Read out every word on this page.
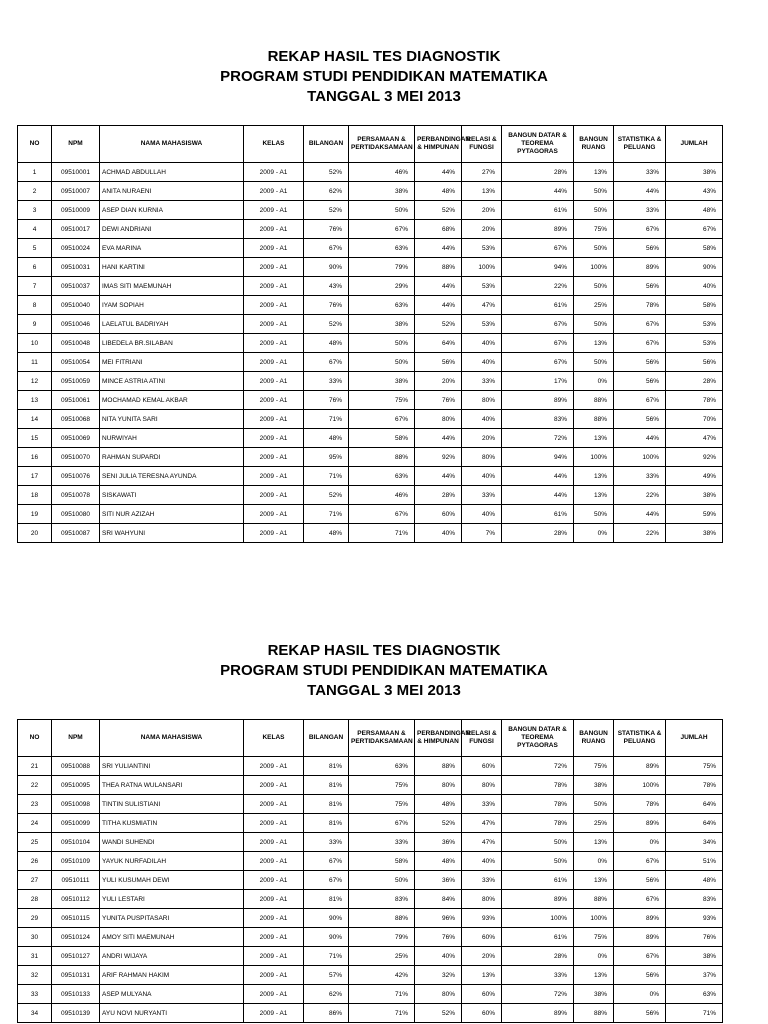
REKAP HASIL TES DIAGNOSTIK
PROGRAM STUDI PENDIDIKAN MATEMATIKA
TANGGAL 3 MEI 2013
NO	NPM	NAMA MAHASISWA	KELAS	BILANGAN	PERSAMAAN & PERTIDAKSAMAAN	PERBANDINGAN & HIMPUNAN	RELASI & FUNGSI	BANGUN DATAR & TEOREMA PYTAGORAS	BANGUN RUANG	STATISTIKA & PELUANG	JUMLAH
1	09510001	ACHMAD ABDULLAH	2009 - A1	52%	46%	44%	27%	28%	13%	33%	38%
2	09510007	ANITA NURAENI	2009 - A1	62%	38%	48%	13%	44%	50%	44%	43%
3	09510009	ASEP DIAN KURNIA	2009 - A1	52%	50%	52%	20%	61%	50%	33%	48%
4	09510017	DEWI ANDRIANI	2009 - A1	76%	67%	68%	20%	89%	75%	67%	67%
5	09510024	EVA MARINA	2009 - A1	67%	63%	44%	53%	67%	50%	56%	58%
6	09510031	HANI KARTINI	2009 - A1	90%	79%	88%	100%	94%	100%	89%	90%
7	09510037	IMAS SITI MAEMUNAH	2009 - A1	43%	29%	44%	53%	22%	50%	56%	40%
8	09510040	IYAM SOPIAH	2009 - A1	76%	63%	44%	47%	61%	25%	78%	58%
9	09510046	LAELATUL BADRIYAH	2009 - A1	52%	38%	52%	53%	67%	50%	67%	53%
10	09510048	LIBEDELA BR.SILABAN	2009 - A1	48%	50%	64%	40%	67%	13%	67%	53%
11	09510054	MEI FITRIANI	2009 - A1	67%	50%	56%	40%	67%	50%	56%	56%
12	09510059	MINCE ASTRIA ATINI	2009 - A1	33%	38%	20%	33%	17%	0%	56%	28%
13	09510061	MOCHAMAD KEMAL AKBAR	2009 - A1	76%	75%	76%	80%	89%	88%	67%	78%
14	09510068	NITA YUNITA SARI	2009 - A1	71%	67%	80%	40%	83%	88%	56%	70%
15	09510069	NURWIYAH	2009 - A1	48%	58%	44%	20%	72%	13%	44%	47%
16	09510070	RAHMAN SUPARDI	2009 - A1	95%	88%	92%	80%	94%	100%	100%	92%
17	09510076	SENI JULIA TERESNA AYUNDA	2009 - A1	71%	63%	44%	40%	44%	13%	33%	49%
18	09510078	SISKAWATI	2009 - A1	52%	46%	28%	33%	44%	13%	22%	38%
19	09510080	SITI NUR AZIZAH	2009 - A1	71%	67%	60%	40%	61%	50%	44%	59%
20	09510087	SRI WAHYUNI	2009 - A1	48%	71%	40%	7%	28%	0%	22%	38%
REKAP HASIL TES DIAGNOSTIK
PROGRAM STUDI PENDIDIKAN MATEMATIKA
TANGGAL 3 MEI 2013
NO	NPM	NAMA MAHASISWA	KELAS	BILANGAN	PERSAMAAN & PERTIDAKSAMAAN	PERBANDINGAN & HIMPUNAN	RELASI & FUNGSI	BANGUN DATAR & TEOREMA PYTAGORAS	BANGUN RUANG	STATISTIKA & PELUANG	JUMLAH
21	09510088	SRI YULIANTINI	2009 - A1	81%	63%	88%	60%	72%	75%	89%	75%
22	09510095	THEA RATNA WULANSARI	2009 - A1	81%	75%	80%	80%	78%	38%	100%	78%
23	09510098	TINTIN SULISTIANI	2009 - A1	81%	75%	48%	33%	78%	50%	78%	64%
24	09510099	TITHA KUSMIATIN	2009 - A1	81%	67%	52%	47%	78%	25%	89%	64%
25	09510104	WANDI SUHENDI	2009 - A1	33%	33%	36%	47%	50%	13%	0%	34%
26	09510109	YAYUK NURFADILAH	2009 - A1	67%	58%	48%	40%	50%	0%	67%	51%
27	09510111	YULI KUSUMAH DEWI	2009 - A1	67%	50%	36%	33%	61%	13%	56%	48%
28	09510112	YULI LESTARI	2009 - A1	81%	83%	84%	80%	89%	88%	67%	83%
29	09510115	YUNITA PUSPITASARI	2009 - A1	90%	88%	96%	93%	100%	100%	89%	93%
30	09510124	AMOY SITI MAEMUNAH	2009 - A1	90%	79%	76%	60%	61%	75%	89%	76%
31	09510127	ANDRI WIJAYA	2009 - A1	71%	25%	40%	20%	28%	0%	67%	38%
32	09510131	ARIF RAHMAN HAKIM	2009 - A1	57%	42%	32%	13%	33%	13%	56%	37%
33	09510133	ASEP MULYANA	2009 - A1	62%	71%	80%	60%	72%	38%	0%	63%
34	09510139	AYU NOVI NURYANTI	2009 - A1	86%	71%	52%	60%	89%	88%	56%	71%
